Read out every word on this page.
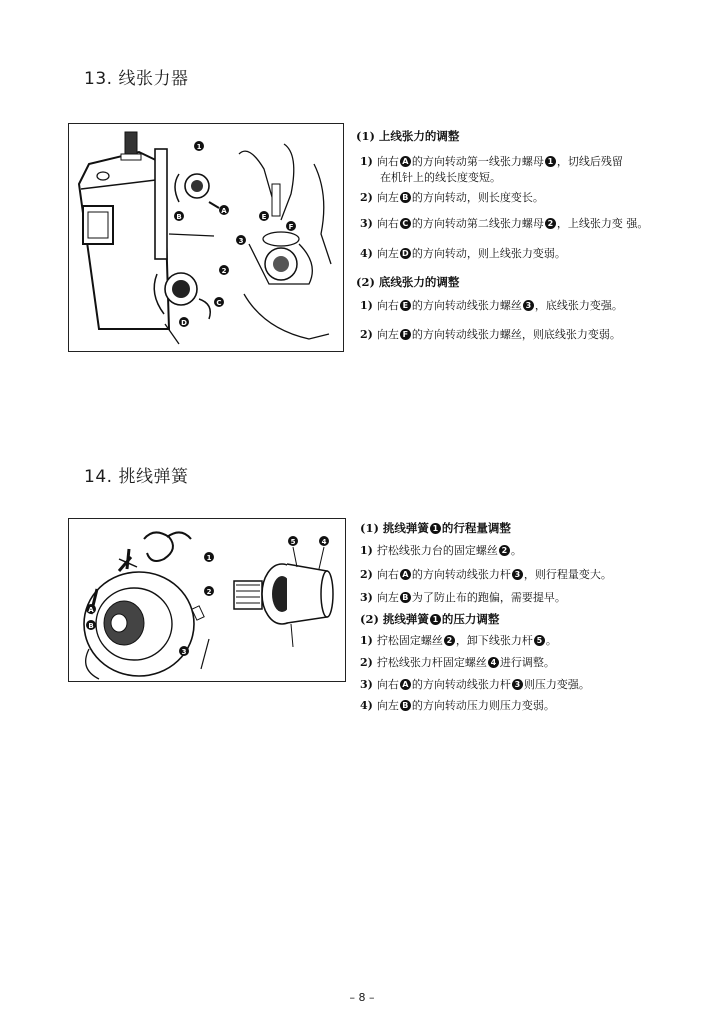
13. 线张力器
1
A
B
2
C
D
3
E
F
(1) 上线张力的调整
1) 向右 A 的方向转动第一线张力螺母 1 ，切线后残留
在机针上的线长度变短。
2) 向左 B 的方向转动，则长度变长。
3) 向右 C 的方向转动第二线张力螺母 2 ，上线张力变 强。
4) 向左 D 的方向转动，则上线张力变弱。
(2) 底线张力的调整
1) 向右 E 的方向转动线张力螺丝 3 ，底线张力变强。
2) 向左 F 的方向转动线张力螺丝，则底线张力变弱。
14. 挑线弹簧
1
2
3
4
5
A
B
(1) 挑线弹簧 1 的行程量调整
1) 拧松线张力台的固定螺丝 2 。
2) 向右 A 的方向转动线张力杆 3 ，则行程量变大。
3) 向左 B 为了防止布的跑偏，需要提早。
(2) 挑线弹簧 1 的压力调整
1) 拧松固定螺丝 2 ，卸下线张力杆 5 。
2) 拧松线张力杆固定螺丝 4 进行调整。
3) 向右 A 的方向转动线张力杆 3 则压力变强。
4) 向左 B 的方向转动压力则压力变弱。
– 8 –
